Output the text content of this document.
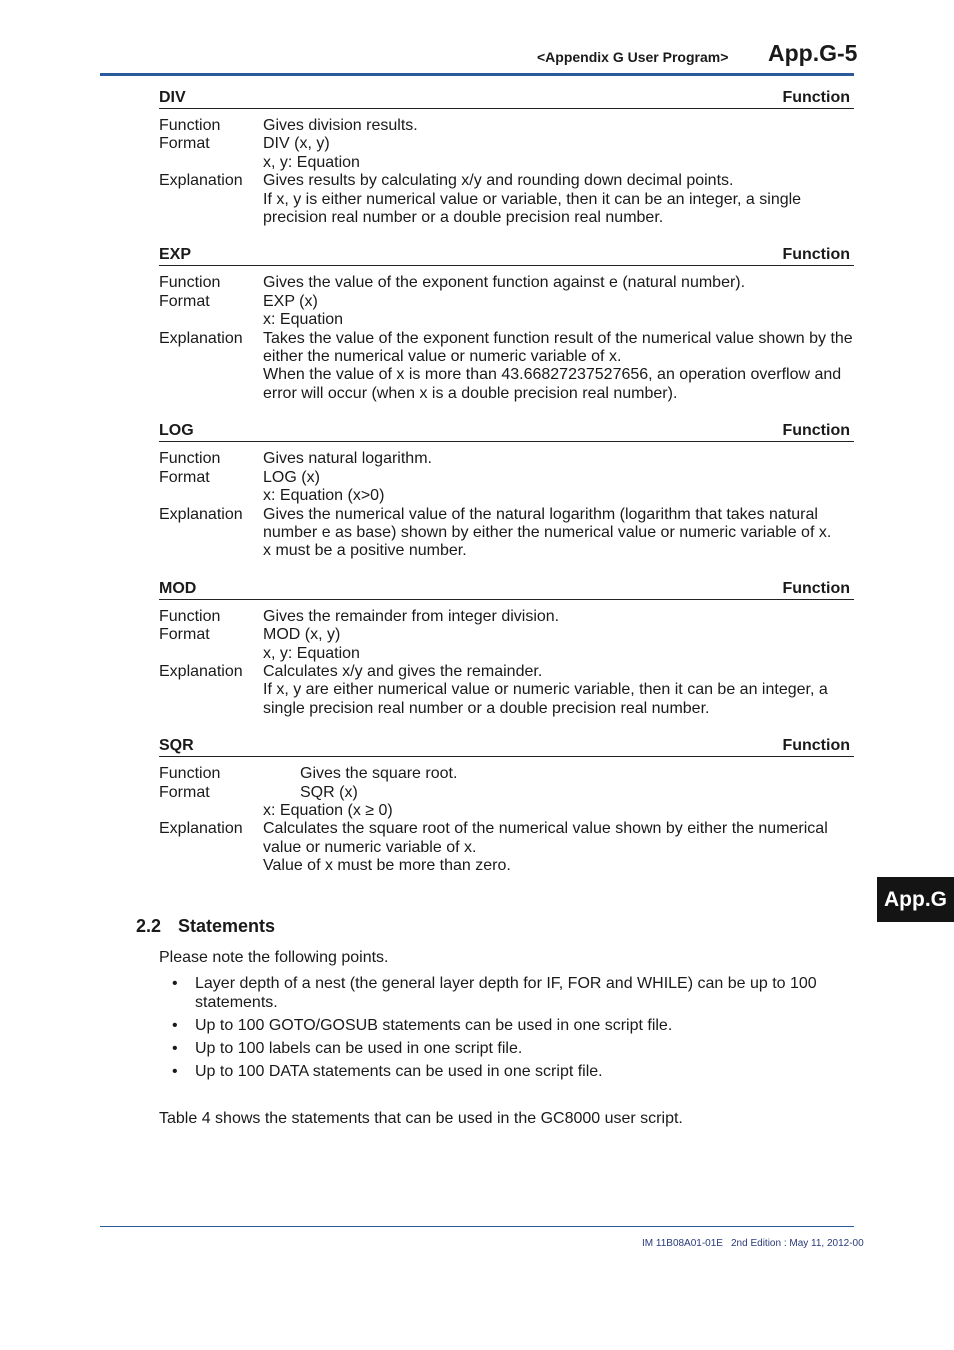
<Appendix G User Program> App.G-5
DIV	Function
Function	Gives division results.
Format	DIV (x, y)
x, y: Equation
Explanation	Gives results by calculating x/y and rounding down decimal points.
If x, y is either numerical value or variable, then it can be an integer, a single precision real number or a double precision real number.
EXP	Function
Function	Gives the value of the exponent function against e (natural number).
Format	EXP (x)
x: Equation
Explanation	Takes the value of the exponent function result of the numerical value shown by the either the numerical value or numeric variable of x.
When the value of x is more than 43.66827237527656, an operation overflow and error will occur (when x is a double precision real number).
LOG	Function
Function	Gives natural logarithm.
Format	LOG (x)
x: Equation (x>0)
Explanation	Gives the numerical value of the natural logarithm (logarithm that takes natural number e as base) shown by either the numerical value or numeric variable of x.
x must be a positive number.
MOD	Function
Function	Gives the remainder from integer division.
Format	MOD (x, y)
x, y: Equation
Explanation	Calculates x/y and gives the remainder.
If x, y are either numerical value or numeric variable, then it can be an integer, a single precision real number or a double precision real number.
SQR	Function
Function	Gives the square root.
Format	SQR (x)
x: Equation (x ≥ 0)
Explanation	Calculates the square root of the numerical value shown by either the numerical value or numeric variable of x.
Value of x must be more than zero.
2.2 Statements
Please note the following points.
• Layer depth of a nest (the general layer depth for IF, FOR and WHILE) can be up to 100 statements.
• Up to 100 GOTO/GOSUB statements can be used in one script file.
• Up to 100 labels can be used in one script file.
• Up to 100 DATA statements can be used in one script file.
Table 4 shows the statements that can be used in the GC8000 user script.
App.G
IM 11B08A01-01E 2nd Edition : May 11, 2012-00
